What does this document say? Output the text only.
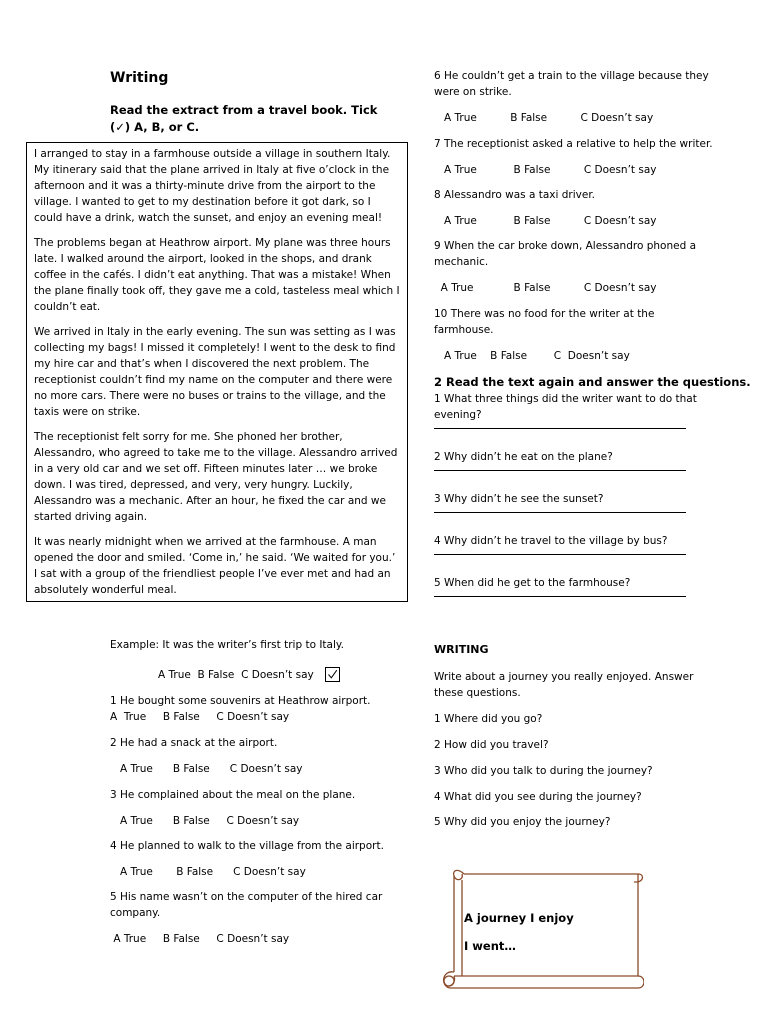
Writing
Read the extract from a travel book. Tick (✓) A, B, or C.

I arranged to stay in a farmhouse outside a village in southern Italy. My itinerary said that the plane arrived in Italy at five o’clock in the afternoon and it was a thirty-minute drive from the airport to the village. I wanted to get to my destination before it got dark, so I could have a drink, watch the sunset, and enjoy an evening meal!

The problems began at Heathrow airport. My plane was three hours late. I walked around the airport, looked in the shops, and drank coffee in the cafés. I didn’t eat anything. That was a mistake! When the plane finally took off, they gave me a cold, tasteless meal which I couldn’t eat.

We arrived in Italy in the early evening. The sun was setting as I was collecting my bags! I missed it completely! I went to the desk to find my hire car and that’s when I discovered the next problem. The receptionist couldn’t find my name on the computer and there were no more cars. There were no buses or trains to the village, and the taxis were on strike.

The receptionist felt sorry for me. She phoned her brother, Alessandro, who agreed to take me to the village. Alessandro arrived in a very old car and we set off. Fifteen minutes later … we broke down. I was tired, depressed, and very, very hungry. Luckily, Alessandro was a mechanic. After an hour, he fixed the car and we started driving again.

It was nearly midnight when we arrived at the farmhouse. A man opened the door and smiled. ‘Come in,’ he said. ‘We waited for you.’ I sat with a group of the friendliest people I’ve ever met and had an absolutely wonderful meal.

Example: It was the writer’s first trip to Italy.
A True  B False  C Doesn’t say

1 He bought some souvenirs at Heathrow airport.

A  True     B False     C Doesn’t say

2 He had a snack at the airport.

A True      B False      C Doesn’t say

3 He complained about the meal on the plane.

A True      B False     C Doesn’t say

4 He planned to walk to the village from the airport.

A True       B False      C Doesn’t say

5 His name wasn’t on the computer of the hired car company.

A True     B False     C Doesn’t say

6 He couldn’t get a train to the village because they were on strike.

A True          B False          C Doesn’t say

7 The receptionist asked a relative to help the writer.

A True           B False          C Doesn’t say

8 Alessandro was a taxi driver.

A True           B False          C Doesn’t say

9 When the car broke down, Alessandro phoned a mechanic.

A True            B False          C Doesn’t say

10 There was no food for the writer at the farmhouse.

A True    B False        C  Doesn’t say

2 Read the text again and answer the questions.

1 What three things did the writer want to do that evening?

2 Why didn’t he eat on the plane?

3 Why didn’t he see the sunset?

4 Why didn’t he travel to the village by bus?

5 When did he get to the farmhouse?

WRITING
Write about a journey you really enjoyed. Answer these questions.
1 Where did you go?
2 How did you travel?
3 Who did you talk to during the journey?
4 What did you see during the journey?
5 Why did you enjoy the journey?
A journey I enjoy
I went…
